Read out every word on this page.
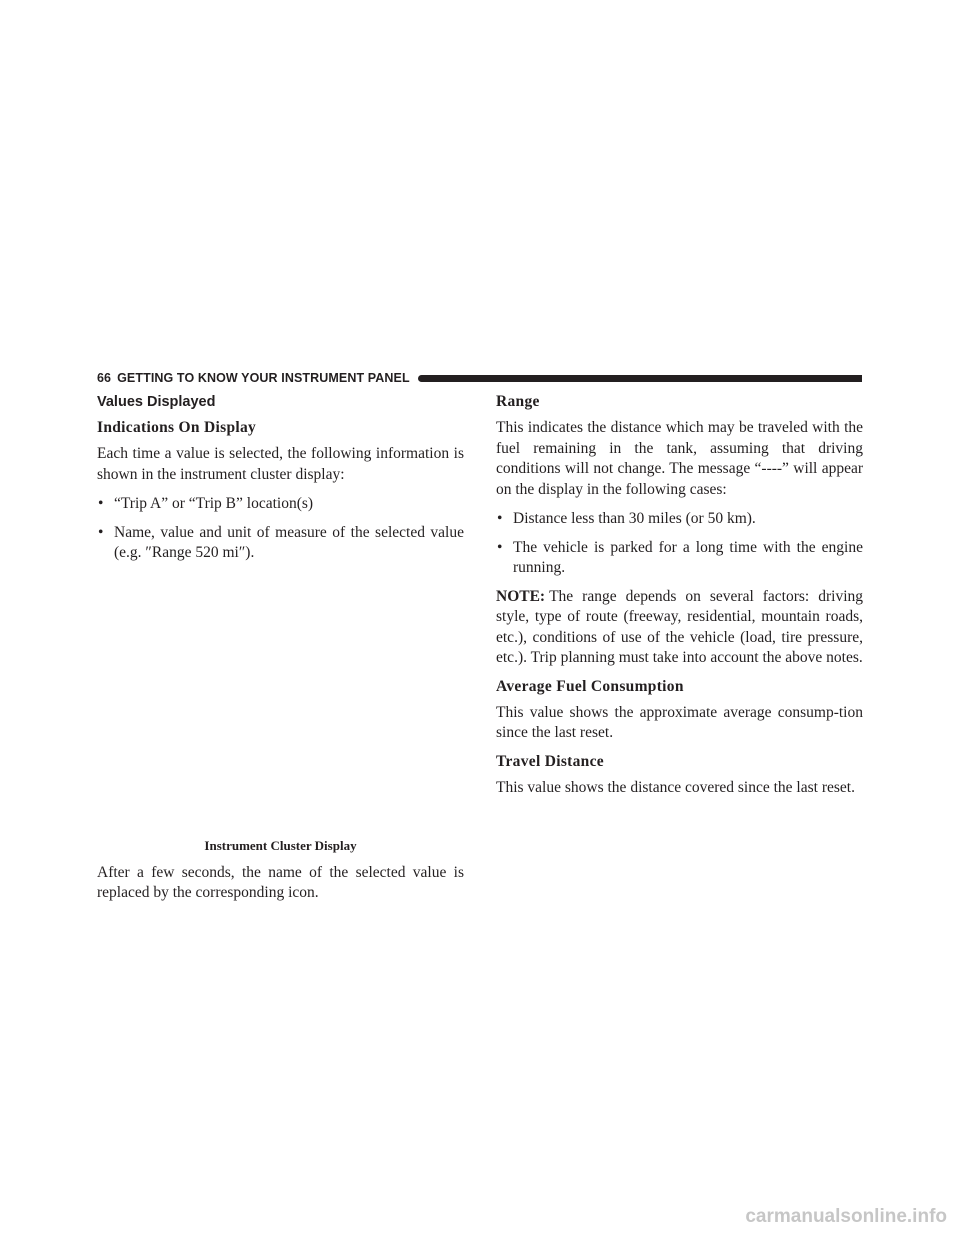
66 GETTING TO KNOW YOUR INSTRUMENT PANEL
Values Displayed
Indications On Display

Each time a value is selected, the following information is shown in the instrument cluster display:

• “Trip A” or “Trip B” location(s)
• Name, value and unit of measure of the selected value (e.g. ″Range 520 mi″).
Instrument Cluster Display

After a few seconds, the name of the selected value is replaced by the corresponding icon.

Range

This indicates the distance which may be traveled with the fuel remaining in the tank, assuming that driving conditions will not change. The message “----” will appear on the display in the following cases:

• Distance less than 30 miles (or 50 km).
• The vehicle is parked for a long time with the engine running.

NOTE: The range depends on several factors: driving style, type of route (freeway, residential, mountain roads, etc.), conditions of use of the vehicle (load, tire pressure, etc.). Trip planning must take into account the above notes.

Average Fuel Consumption

This value shows the approximate average consump-tion since the last reset.

Travel Distance

This value shows the distance covered since the last reset.

carmanualsonline.info
